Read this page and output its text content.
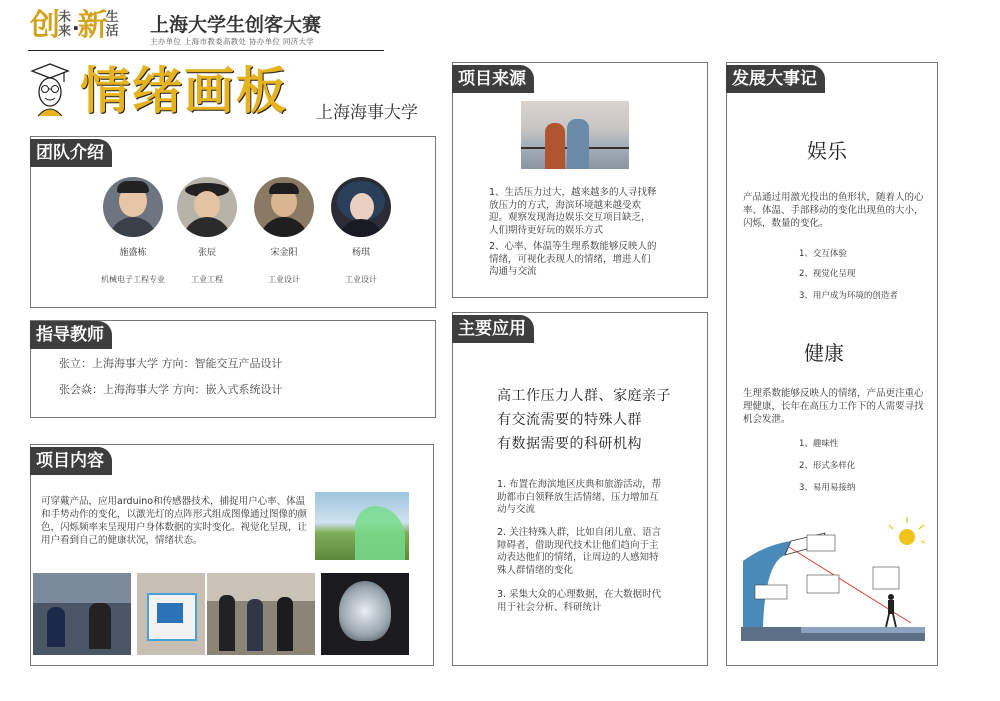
创未来 ·新生活 上海大学生创客大赛
主办单位 上海市教委高教处 协办单位 同济大学
情绪画板 上海海事大学
团队介绍
施盛栋
机械电子工程专业
张辰
工业工程
宋金阳
工业设计
杨琪
工业设计
指导教师
张立：上海海事大学 方向：智能交互产品设计
张会焱：上海海事大学 方向：嵌入式系统设计
项目内容
可穿戴产品，应用arduino和传感器技术，捕捉用户心率、体温和手势动作的变化，以激光灯的点阵形式组成图像通过图像的颜色，闪烁频率来呈现用户身体数据的实时变化。视觉化呈现，让用户看到自己的健康状况，情绪状态。
项目来源
1、生活压力过大，越来越多的人寻找释放压力的方式，海滨环境越来越受欢迎。观察发现海边娱乐交互项目缺乏，人们期待更好玩的娱乐方式
2、心率、体温等生理系数能够反映人的情绪，可视化表现人的情绪，增进人们沟通与交流
主要应用
高工作压力人群、家庭亲子
有交流需要的特殊人群
有数据需要的科研机构
1. 布置在海滨地区庆典和旅游活动，帮助都市白领释放生活情绪、压力增加互动与交流
2. 关注特殊人群，比如自闭儿童、语言障碍者，借助现代技术让他们趋向于主动表达他们的情绪，让周边的人感知特殊人群情绪的变化
3. 采集大众的心理数据，在大数据时代用于社会分析、科研统计
发展大事记
娱乐
产品通过用激光投出的鱼形状，随着人的心率、体温、手部移动的变化出现鱼的大小，闪烁，数量的变化。
1、交互体验
2、视觉化呈现
3、用户成为环境的创造者
健康
生理系数能够反映人的情绪，产品更注重心理健康，长年在高压力工作下的人需要寻找机会发泄。
1、趣味性
2、形式多样化
3、易用易接纳
